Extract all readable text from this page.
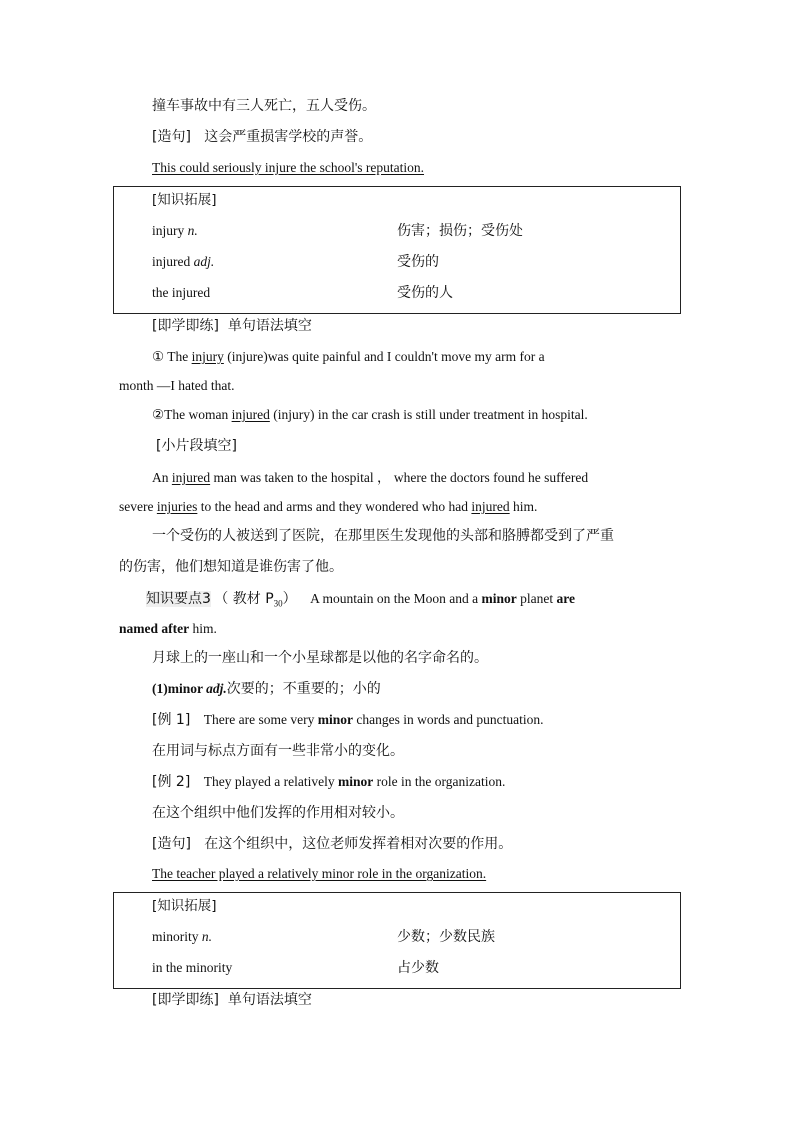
撞车事故中有三人死亡，五人受伤。
[造句] 这会严重损害学校的声誉。
This could seriously injure the school's reputation.
[知识拓展]
injury n.	伤害；损伤；受伤处
injured adj.	受伤的
the injured	受伤的人
[即学即练] 单句语法填空
① The injury (injure)was quite painful and I couldn't move my arm for a
month —I hated that.
②The woman injured (injury) in the car crash is still under treatment in hospital.
[小片段填空]
An injured man was taken to the hospital ， where the doctors found he suffered
severe injuries to the head and arms and they wondered who had injured him.
一个受伤的人被送到了医院，在那里医生发现他的头部和胳膊都受到了严重
的伤害，他们想知道是谁伤害了他。
知识要点3 （ 教材 $P_{30}$） A mountain on the Moon and a minor planet are
named after him.
月球上的一座山和一个小星球都是以他的名字命名的。
(1)minor adj.次要的；不重要的；小的
[例 1] There are some very minor changes in words and punctuation.
在用词与标点方面有一些非常小的变化。
[例 2] They played a relatively minor role in the organization.
在这个组织中他们发挥的作用相对较小。
[造句] 在这个组织中，这位老师发挥着相对次要的作用。
The teacher played a relatively minor role in the organization.
[知识拓展]
minority n.	少数；少数民族
in the minority	占少数
[即学即练] 单句语法填空
